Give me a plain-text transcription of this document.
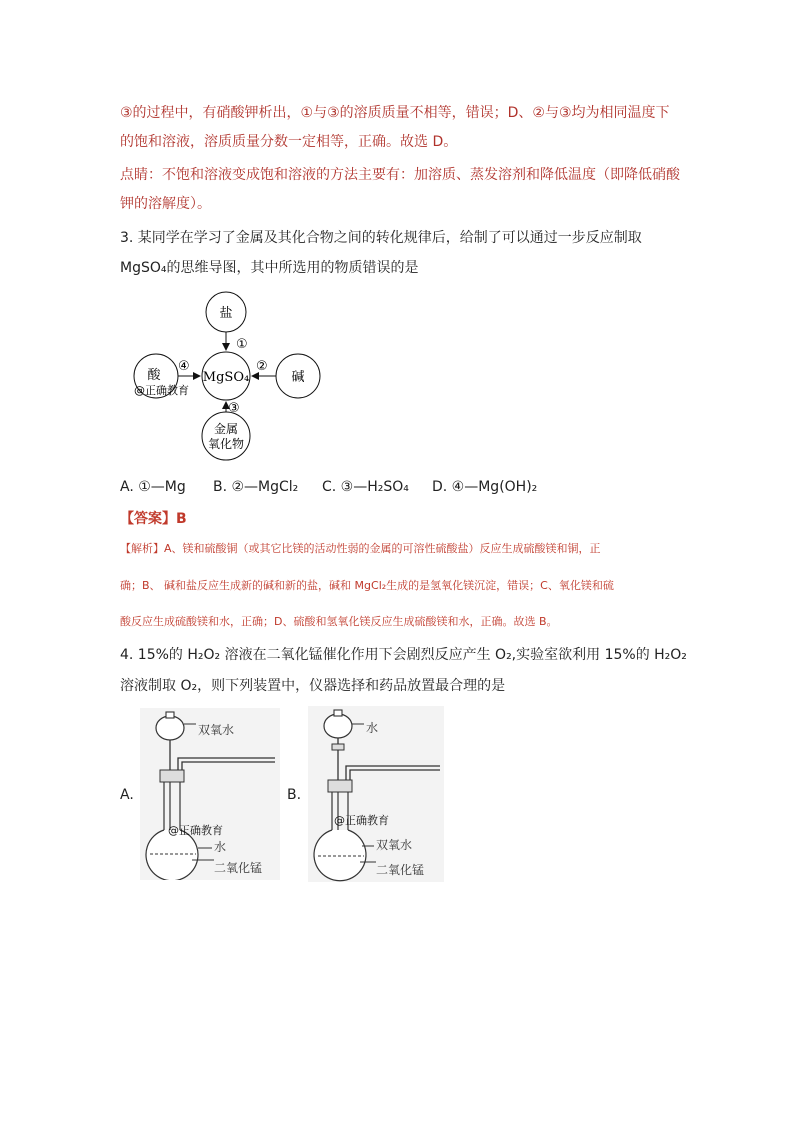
③的过程中，有硝酸钾析出，①与③的溶质质量不相等，错误；D、②与③均为相同温度下
的饱和溶液，溶质质量分数一定相等，正确。故选 D。
点睛：不饱和溶液变成饱和溶液的方法主要有：加溶质、蒸发溶剂和降低温度（即降低硝酸
钾的溶解度）。
3. 某同学在学习了金属及其化合物之间的转化规律后，给制了可以通过一步反应制取
MgSO₄的思维导图，其中所选用的物质错误的是
盐
酸	MgSO₄	碱
金属
氧化物
①
④	②
③
@正确教育
A. ①—Mg B. ②—MgCl₂ C. ③—H₂SO₄ D. ④—Mg(OH)₂
【答案】B
【解析】A、镁和硫酸铜（或其它比镁的活动性弱的金属的可溶性硫酸盐）反应生成硫酸镁和铜，正
确；B、 碱和盐反应生成新的碱和新的盐，碱和 MgCl₂生成的是氢氧化镁沉淀，错误；C、氧化镁和硫
酸反应生成硫酸镁和水，正确；D、硫酸和氢氧化镁反应生成硫酸镁和水，正确。故选 B。
4. 15%的 H₂O₂ 溶液在二氧化锰催化作用下会剧烈反应产生 O₂,实验室欲利用 15%的 H₂O₂
溶液制取 O₂，则下列装置中，仪器选择和药品放置最合理的是
A.
双氧水
水
二氧化锰
@正确教育
B.
水
双氧水
二氧化锰
@正确教育
